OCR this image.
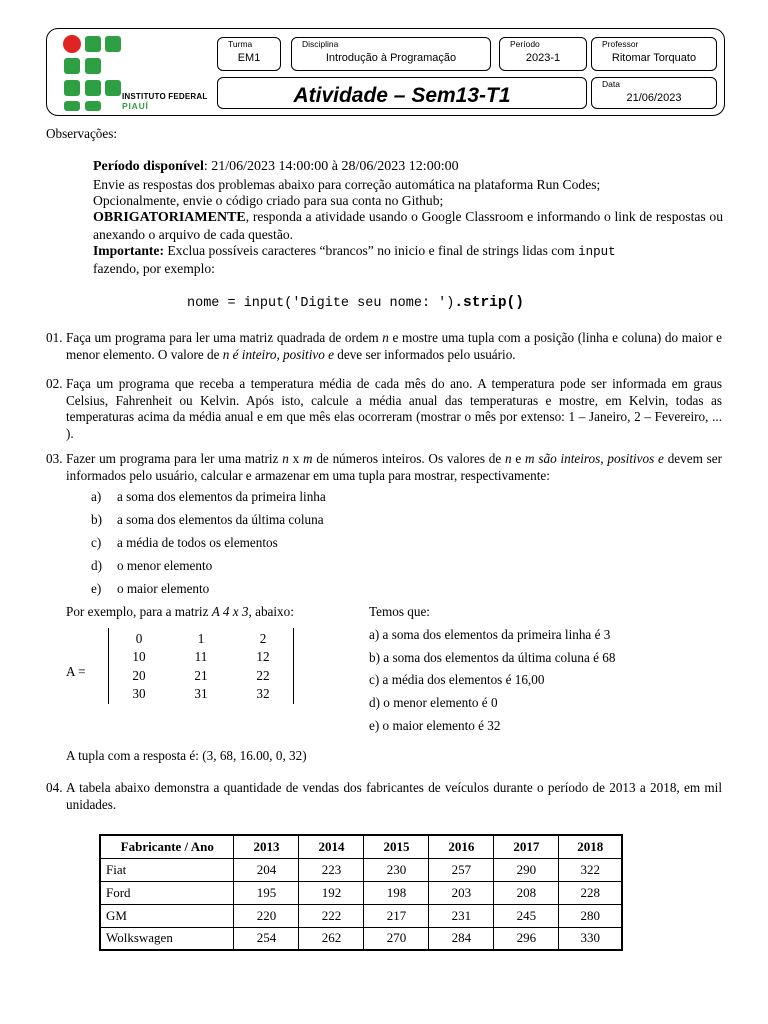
INSTITUTO FEDERAL
PIAUÍ
Turma
EM1
Disciplina
Introdução à Programação
Período
2023-1
Professor
Ritomar Torquato
Atividade – Sem13-T1	Data
21/06/2023
Observações:
Período disponível: 21/06/2023 14:00:00 à 28/06/2023 12:00:00
Envie as respostas dos problemas abaixo para correção automática na plataforma Run Codes;
Opcionalmente, envie o código criado para sua conta no Github;
OBRIGATORIAMENTE, responda a atividade usando o Google Classroom e informando o link de respostas ou anexando o arquivo de cada questão.
Importante: Exclua possíveis caracteres “brancos” no inicio e final de strings lidas com input
fazendo, por exemplo:
nome = input('Digite seu nome: ').strip()
01. Faça um programa para ler uma matriz quadrada de ordem n e mostre uma tupla com a posição (linha e coluna) do maior e menor elemento. O valore de n é inteiro, positivo e deve ser informados pelo usuário.
02. Faça um programa que receba a temperatura média de cada mês do ano. A temperatura pode ser informada em graus Celsius, Fahrenheit ou Kelvin. Após isto, calcule a média anual das temperaturas e mostre, em Kelvin, todas as temperaturas acima da média anual e em que mês elas ocorreram (mostrar o mês por extenso: 1 – Janeiro, 2 – Fevereiro, ... ).
03. Fazer um programa para ler uma matriz n x m de números inteiros. Os valores de n e m são inteiros, positivos e devem ser informados pelo usuário, calcular e armazenar em uma tupla para mostrar, respectivamente:
a) a soma dos elementos da primeira linha
b) a soma dos elementos da última coluna
c) a média de todos os elementos
d) o menor elemento
e) o maior elemento
Por exemplo, para a matriz A 4 x 3, abaixo:
A =
0	1	2
10	11	12
20	21	22
30	31	32
Temos que:
a) a soma dos elementos da primeira linha é 3
b) a soma dos elementos da última coluna é 68
c) a média dos elementos é 16,00
d) o menor elemento é 0
e) o maior elemento é 32
A tupla com a resposta é: (3, 68, 16.00, 0, 32)
04. A tabela abaixo demonstra a quantidade de vendas dos fabricantes de veículos durante o período de 2013 a 2018, em mil unidades.
Fabricante / Ano	2013	2014	2015	2016	2017	2018
Fiat	204	223	230	257	290	322
Ford	195	192	198	203	208	228
GM	220	222	217	231	245	280
Wolkswagen	254	262	270	284	296	330
